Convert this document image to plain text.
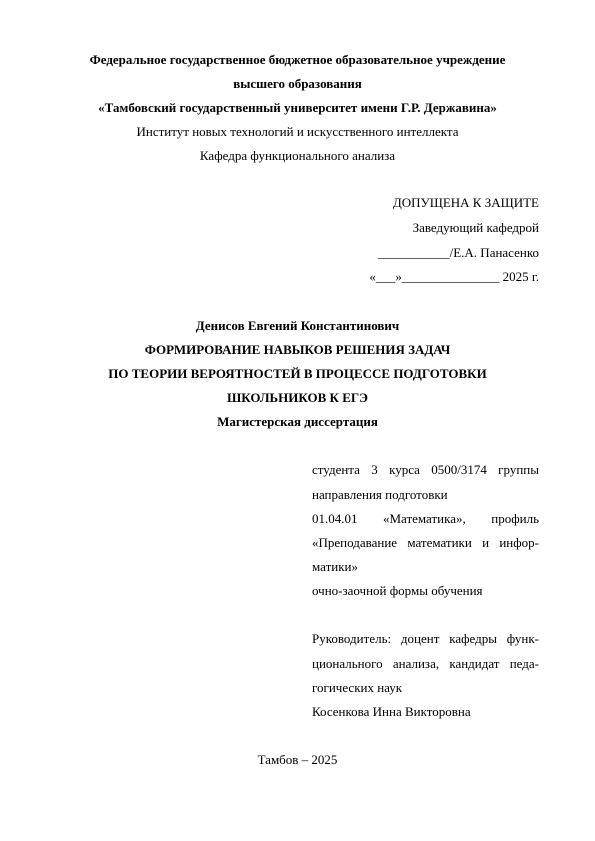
Федеральное государственное бюджетное образовательное учреждение
высшего образования
«Тамбовский государственный университет имени Г.Р. Державина»
Институт новых технологий и искусственного интеллекта
Кафедра функционального анализа
ДОПУЩЕНА К ЗАЩИТЕ
Заведующий кафедрой
___________/Е.А. Панасенко
«___»_______________ 2025 г.
Денисов Евгений Константинович
ФОРМИРОВАНИЕ НАВЫКОВ РЕШЕНИЯ ЗАДАЧ
ПО ТЕОРИИ ВЕРОЯТНОСТЕЙ В ПРОЦЕССЕ ПОДГОТОВКИ
ШКОЛЬНИКОВ К ЕГЭ
Магистерская диссертация
студента 3 курса 0500/3174 группы
направления подготовки
01.04.01 «Математика», профиль
«Преподавание математики и инфор-
матики»
очно-заочной формы обучения
Руководитель: доцент кафедры функ-
ционального анализа, кандидат педа-
гогических наук
Косенкова Инна Викторовна
Тамбов – 2025
